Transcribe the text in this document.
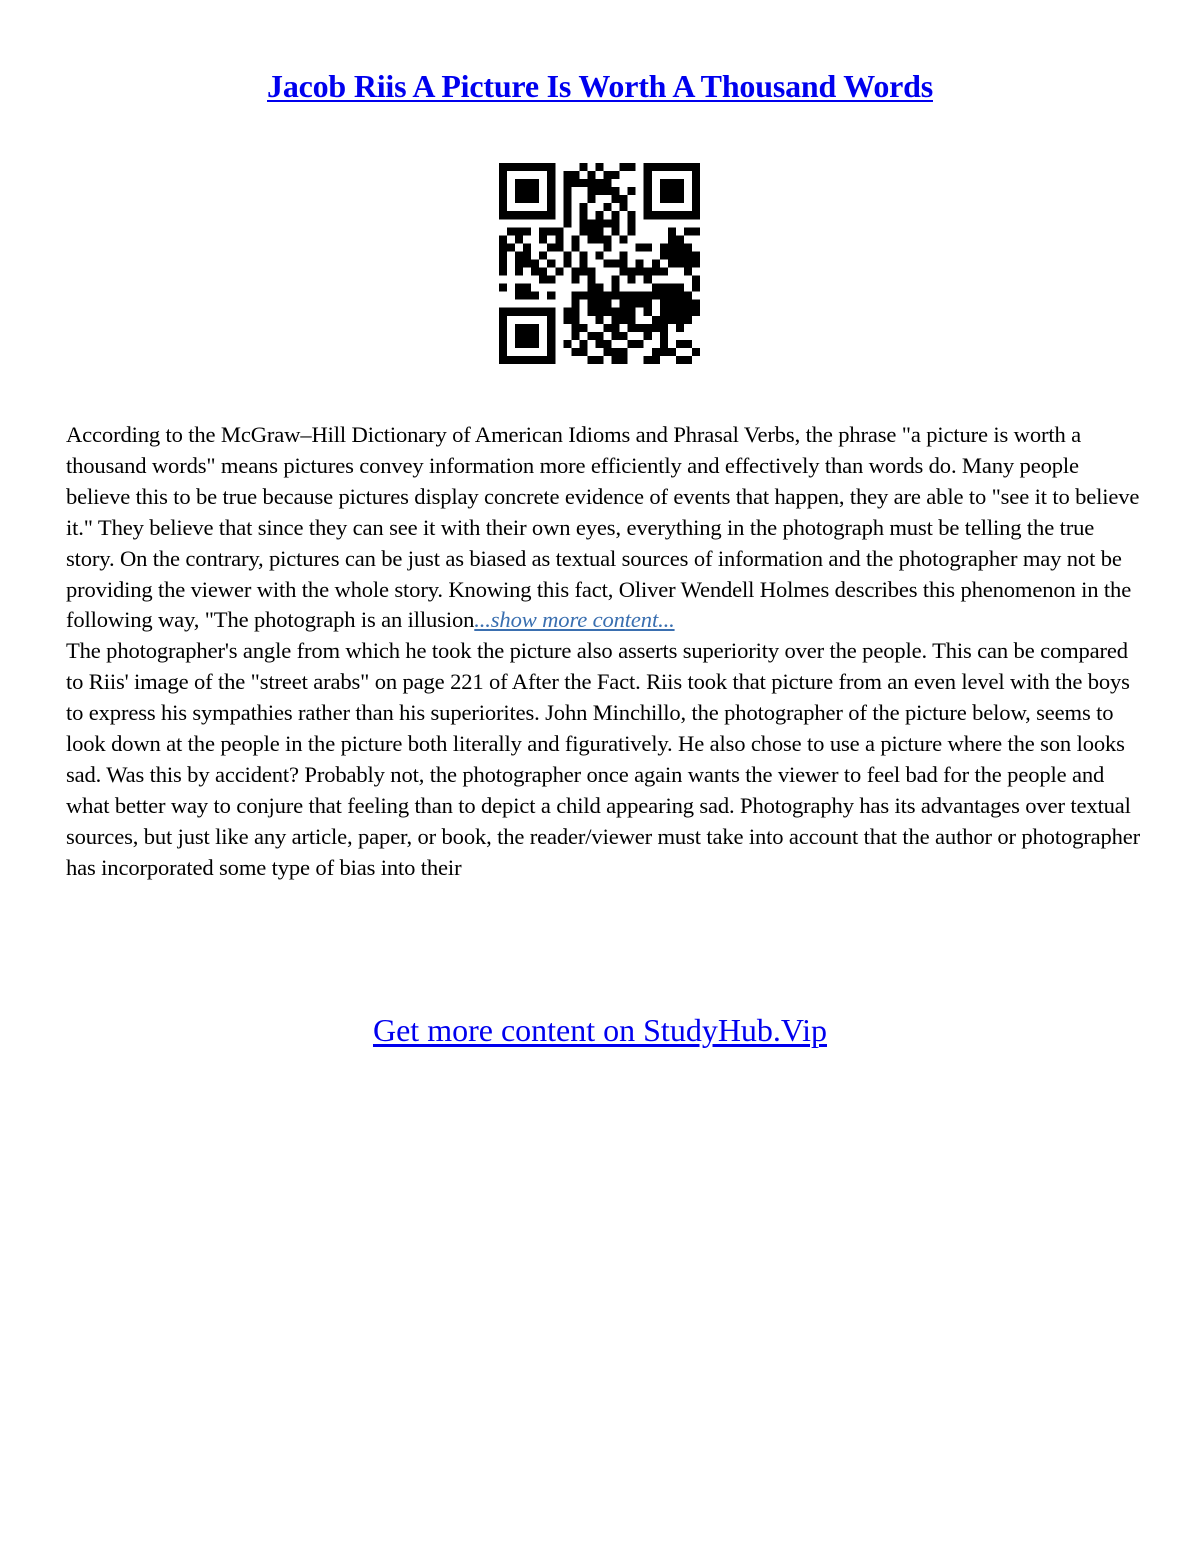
Jacob Riis A Picture Is Worth A Thousand Words

According to the McGraw–Hill Dictionary of American Idioms and Phrasal Verbs, the phrase "a picture is worth a thousand words" means pictures convey information more efficiently and effectively than words do. Many people believe this to be true because pictures display concrete evidence of events that happen, they are able to "see it to believe it." They believe that since they can see it with their own eyes, everything in the photograph must be telling the true story. On the contrary, pictures can be just as biased as textual sources of information and the photographer may not be providing the viewer with the whole story. Knowing this fact, Oliver Wendell Holmes describes this phenomenon in the following way, "The photograph is an illusion...show more content...

The photographer's angle from which he took the picture also asserts superiority over the people. This can be compared to Riis' image of the "street arabs" on page 221 of After the Fact. Riis took that picture from an even level with the boys to express his sympathies rather than his superiorites. John Minchillo, the photographer of the picture below, seems to look down at the people in the picture both literally and figuratively. He also chose to use a picture where the son looks sad. Was this by accident? Probably not, the photographer once again wants the viewer to feel bad for the people and what better way to conjure that feeling than to depict a child appearing sad. Photography has its advantages over textual sources, but just like any article, paper, or book, the reader/viewer must take into account that the author or photographer has incorporated some type of bias into their

Get more content on StudyHub.Vip
